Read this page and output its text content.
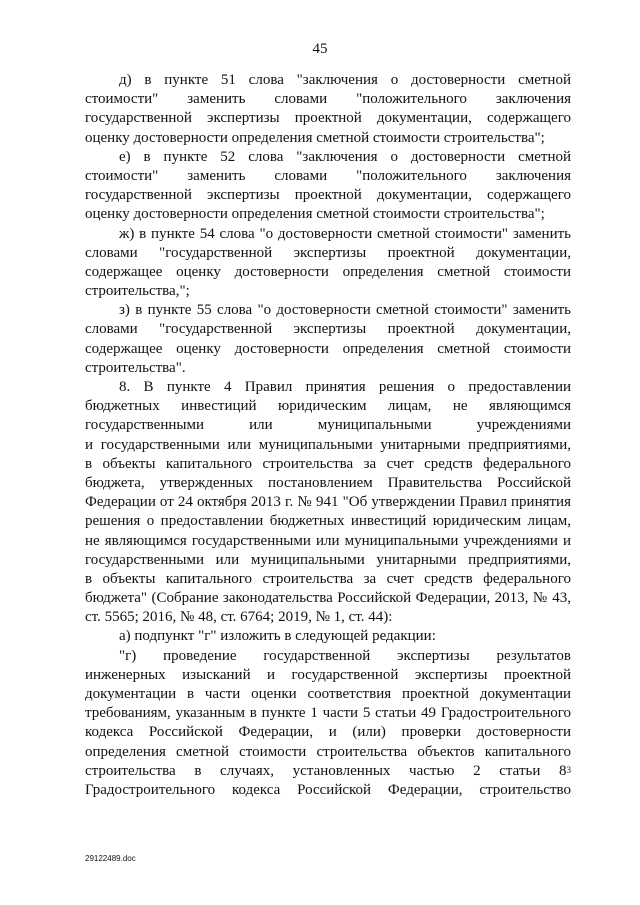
45
д) в пункте 51 слова "заключения о достоверности сметной
стоимости" заменить словами "положительного заключения
государственной экспертизы проектной документации, содержащего
оценку достоверности определения сметной стоимости строительства";
е) в пункте 52 слова "заключения о достоверности сметной
стоимости" заменить словами "положительного заключения
государственной экспертизы проектной документации, содержащего
оценку достоверности определения сметной стоимости строительства";
ж) в пункте 54 слова "о достоверности сметной стоимости" заменить
словами "государственной экспертизы проектной документации,
содержащее оценку достоверности определения сметной стоимости
строительства,";
з) в пункте 55 слова "о достоверности сметной стоимости" заменить
словами "государственной экспертизы проектной документации,
содержащее оценку достоверности определения сметной стоимости
строительства".
8. В пункте 4 Правил принятия решения о предоставлении
бюджетных инвестиций юридическим лицам, не являющимся
государственными или муниципальными учреждениями
и государственными или муниципальными унитарными предприятиями,
в объекты капитального строительства за счет средств федерального
бюджета, утвержденных постановлением Правительства Российской
Федерации от 24 октября 2013 г. № 941 "Об утверждении Правил принятия
решения о предоставлении бюджетных инвестиций юридическим лицам,
не являющимся государственными или муниципальными учреждениями и
государственными или муниципальными унитарными предприятиями,
в объекты капитального строительства за счет средств федерального
бюджета" (Собрание законодательства Российской Федерации, 2013, № 43,
ст. 5565; 2016, № 48, ст. 6764; 2019, № 1, ст. 44):
а) подпункт "г" изложить в следующей редакции:
"г) проведение государственной экспертизы результатов
инженерных изысканий и государственной экспертизы проектной
документации в части оценки соответствия проектной документации
требованиям, указанным в пункте 1 части 5 статьи 49 Градостроительного
кодекса Российской Федерации, и (или) проверки достоверности
определения сметной стоимости строительства объектов капитального
строительства в случаях, установленных частью 2 статьи $8^3$
Градостроительного кодекса Российской Федерации, строительство
29122489.doc
